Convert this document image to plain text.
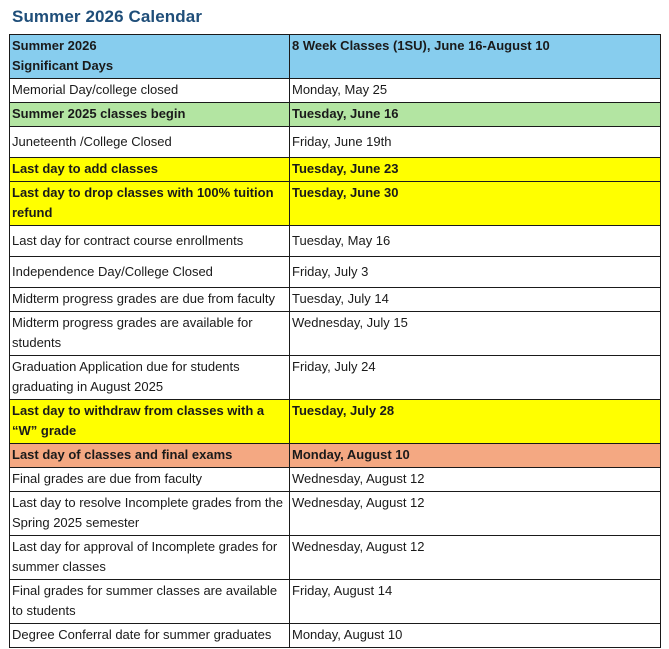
Summer 2026 Calendar
Summer 2026
Significant Days	8 Week Classes (1SU), June 16-August 10
Memorial Day/college closed	Monday, May 25
Summer 2025 classes begin	Tuesday, June 16
Juneteenth /College Closed	Friday, June 19th
Last day to add classes	Tuesday, June 23
Last day to drop classes with 100% tuition refund	Tuesday, June 30
Last day for contract course enrollments	Tuesday, May 16
Independence Day/College Closed	Friday, July 3
Midterm progress grades are due from faculty	Tuesday, July 14
Midterm progress grades are available for students	Wednesday, July 15
Graduation Application due for students graduating in August 2025	Friday, July 24
Last day to withdraw from classes with a “W” grade	Tuesday, July 28
Last day of classes and final exams	Monday, August 10
Final grades are due from faculty	Wednesday, August 12
Last day to resolve Incomplete grades from the Spring 2025 semester	Wednesday, August 12
Last day for approval of Incomplete grades for summer classes	Wednesday, August 12
Final grades for summer classes are available to students	Friday, August 14
Degree Conferral date for summer graduates	Monday, August 10
